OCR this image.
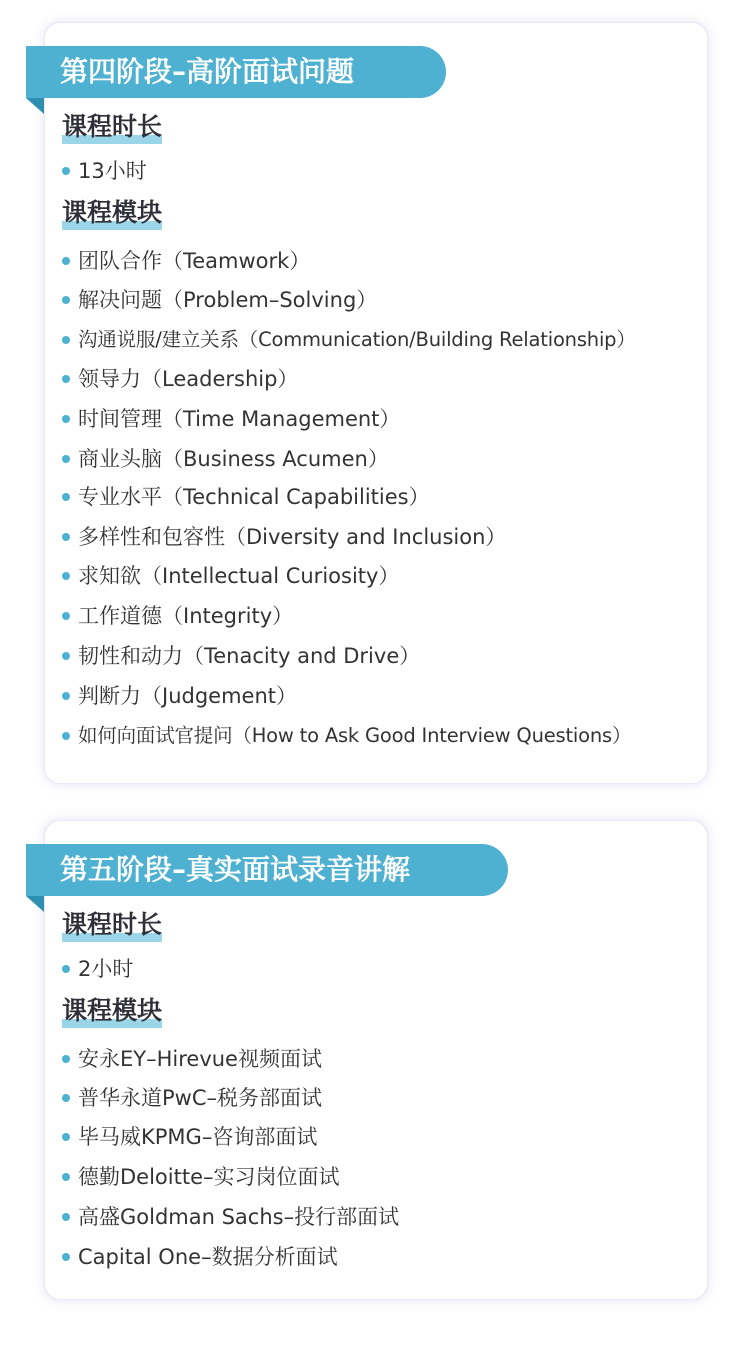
第四阶段–高阶面试问题
课程时长
13小时
课程模块
团队合作（Teamwork）
解决问题（Problem–Solving）
沟通说服/建立关系（Communication/Building Relationship）
领导力（Leadership）
时间管理（Time Management）
商业头脑（Business Acumen）
专业水平（Technical Capabilities）
多样性和包容性（Diversity and Inclusion）
求知欲（Intellectual Curiosity）
工作道德（Integrity）
韧性和动力（Tenacity and Drive）
判断力（Judgement）
如何向面试官提问（How to Ask Good Interview Questions）
第五阶段–真实面试录音讲解
课程时长
2小时
课程模块
安永EY–Hirevue视频面试
普华永道PwC–税务部面试
毕马威KPMG–咨询部面试
德勤Deloitte–实习岗位面试
高盛Goldman Sachs–投行部面试
Capital One–数据分析面试
